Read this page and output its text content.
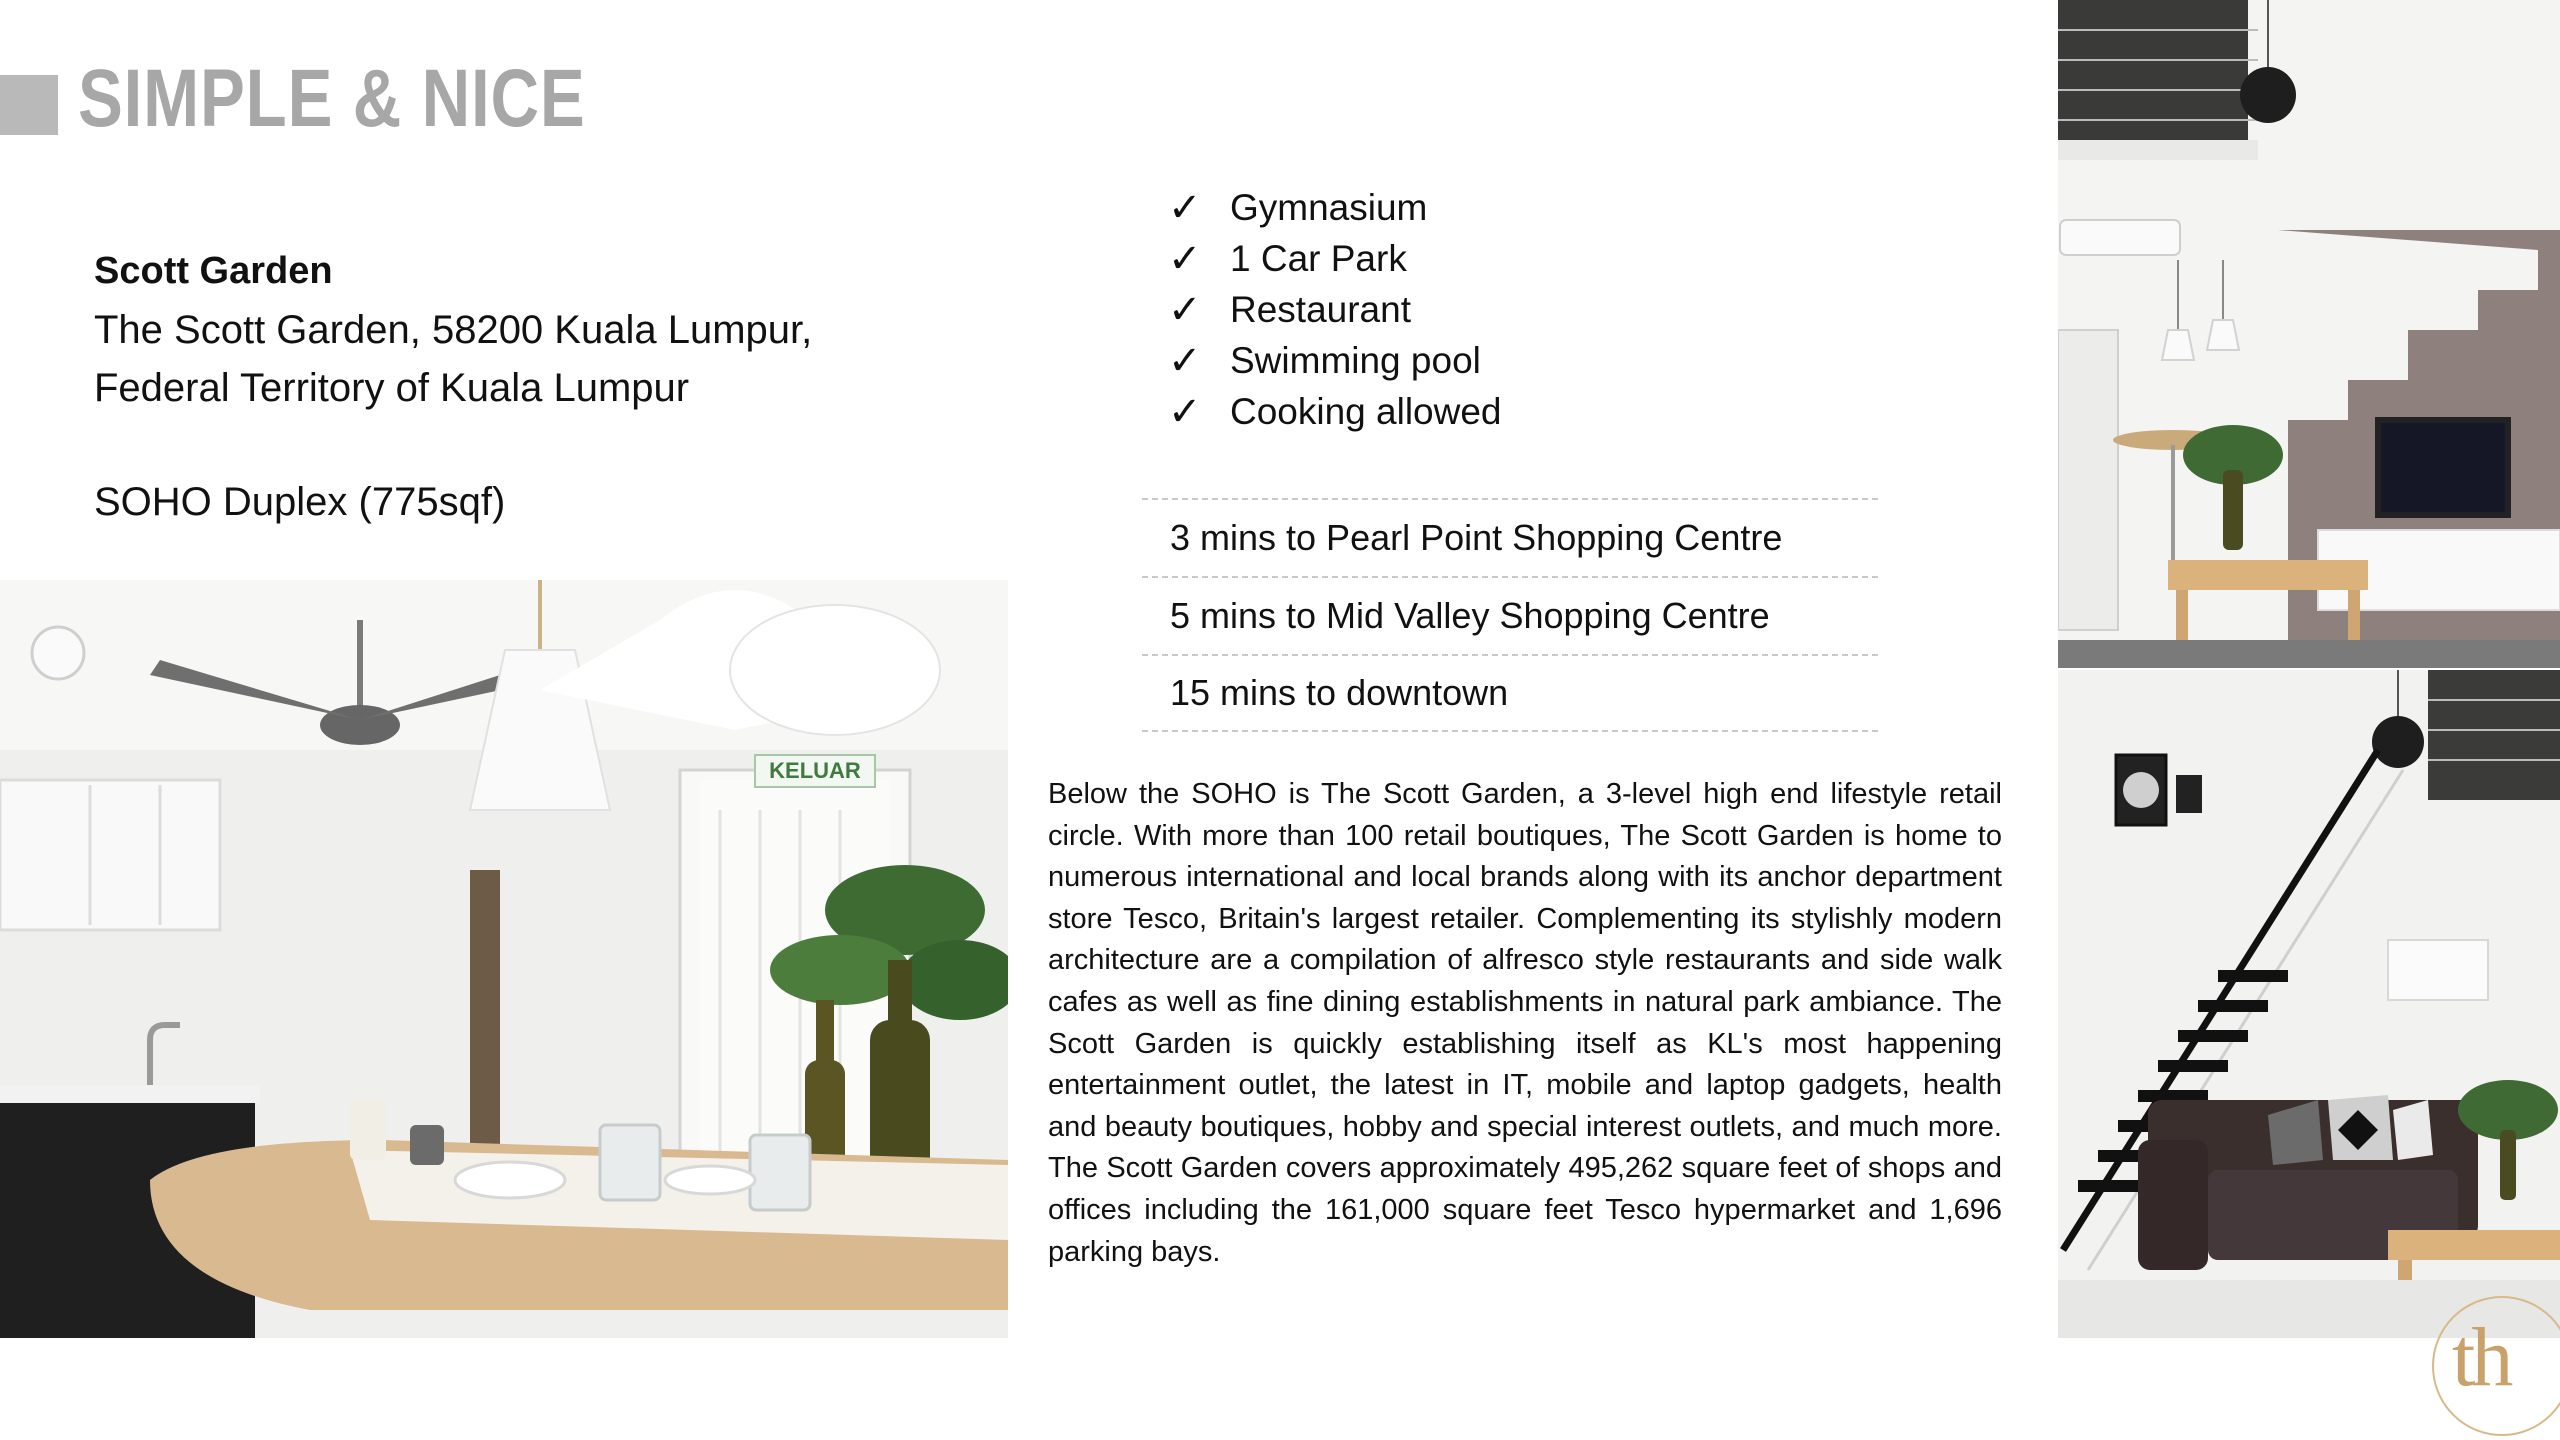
SIMPLE & NICE
Scott Garden
The Scott Garden, 58200 Kuala Lumpur,
Federal Territory of Kuala Lumpur
SOHO Duplex (775sqf)
✓ Gymnasium
✓ 1 Car Park
✓ Restaurant
✓ Swimming pool
✓ Cooking allowed
3 mins to Pearl Point Shopping Centre
5 mins to Mid Valley Shopping Centre
15 mins to downtown

Below the SOHO is The Scott Garden, a 3-level high end lifestyle retail circle. With more than 100 retail boutiques, The Scott Garden is home to numerous international and local brands along with its anchor department store Tesco, Britain's largest retailer. Complementing its stylishly modern architecture are a compilation of alfresco style restaurants and side walk cafes as well as fine dining establishments in natural park ambiance. The Scott Garden is quickly establishing itself as KL's most happening entertainment outlet, the latest in IT, mobile and laptop gadgets, health and beauty boutiques, hobby and special interest outlets, and much more. The Scott Garden covers approximately 495,262 square feet of shops and offices including the 161,000 square feet Tesco hypermarket and 1,696 parking bays.

KELUAR
th
